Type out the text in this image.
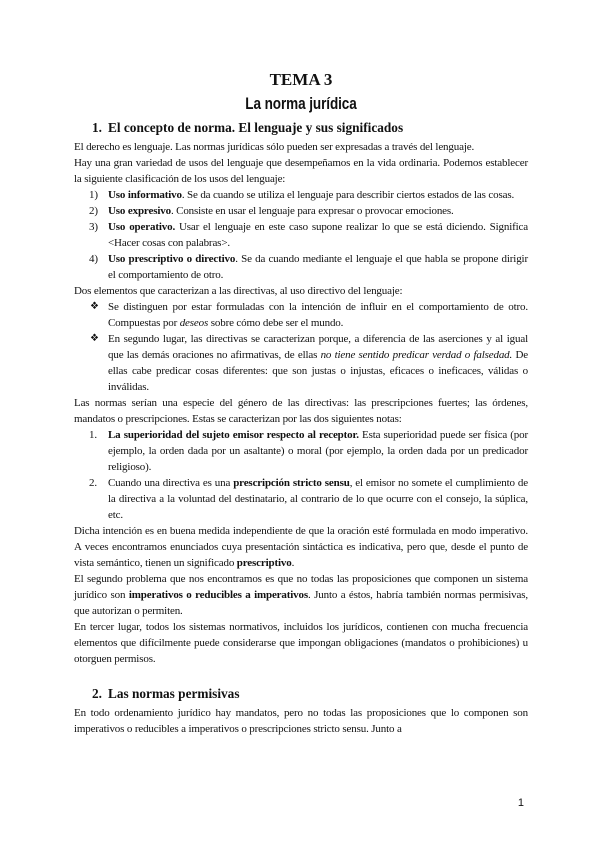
TEMA 3
La norma jurídica
1. El concepto de norma. El lenguaje y sus significados

El derecho es lenguaje. Las normas jurídicas sólo pueden ser expresadas a través del lenguaje.

Hay una gran variedad de usos del lenguaje que desempeñamos en la vida ordinaria. Podemos establecer la siguiente clasificación de los usos del lenguaje:

1) Uso informativo. Se da cuando se utiliza el lenguaje para describir ciertos estados de las cosas.
2) Uso expresivo. Consiste en usar el lenguaje para expresar o provocar emociones.
3) Uso operativo. Usar el lenguaje en este caso supone realizar lo que se está diciendo. Significa <Hacer cosas con palabras>.
4) Uso prescriptivo o directivo. Se da cuando mediante el lenguaje el que habla se propone dirigir el comportamiento de otro.

Dos elementos que caracterizan a las directivas, al uso directivo del lenguaje:

❖ Se distinguen por estar formuladas con la intención de influir en el comportamiento de otro. Compuestas por deseos sobre cómo debe ser el mundo.
❖ En segundo lugar, las directivas se caracterizan porque, a diferencia de las aserciones y al igual que las demás oraciones no afirmativas, de ellas no tiene sentido predicar verdad o falsedad. De ellas cabe predicar cosas diferentes: que son justas o injustas, eficaces o ineficaces, válidas o inválidas.

Las normas serían una especie del género de las directivas: las prescripciones fuertes; las órdenes, mandatos o prescripciones. Estas se caracterizan por las dos siguientes notas:

1. La superioridad del sujeto emisor respecto al receptor. Esta superioridad puede ser física (por ejemplo, la orden dada por un asaltante) o moral (por ejemplo, la orden dada por un predicador religioso).
2. Cuando una directiva es una prescripción stricto sensu, el emisor no somete el cumplimiento de la directiva a la voluntad del destinatario, al contrario de lo que ocurre con el consejo, la súplica, etc.

Dicha intención es en buena medida independiente de que la oración esté formulada en modo imperativo. A veces encontramos enunciados cuya presentación sintáctica es indicativa, pero que, desde el punto de vista semántico, tienen un significado prescriptivo.

El segundo problema que nos encontramos es que no todas las proposiciones que componen un sistema jurídico son imperativos o reducibles a imperativos. Junto a éstos, habría también normas permisivas, que autorizan o permiten.

En tercer lugar, todos los sistemas normativos, incluidos los jurídicos, contienen con mucha frecuencia elementos que difícilmente puede considerarse que impongan obligaciones (mandatos o prohibiciones) u otorguen permisos.

2. Las normas permisivas

En todo ordenamiento jurídico hay mandatos, pero no todas las proposiciones que lo componen son imperativos o reducibles a imperativos o prescripciones stricto sensu. Junto a

1
